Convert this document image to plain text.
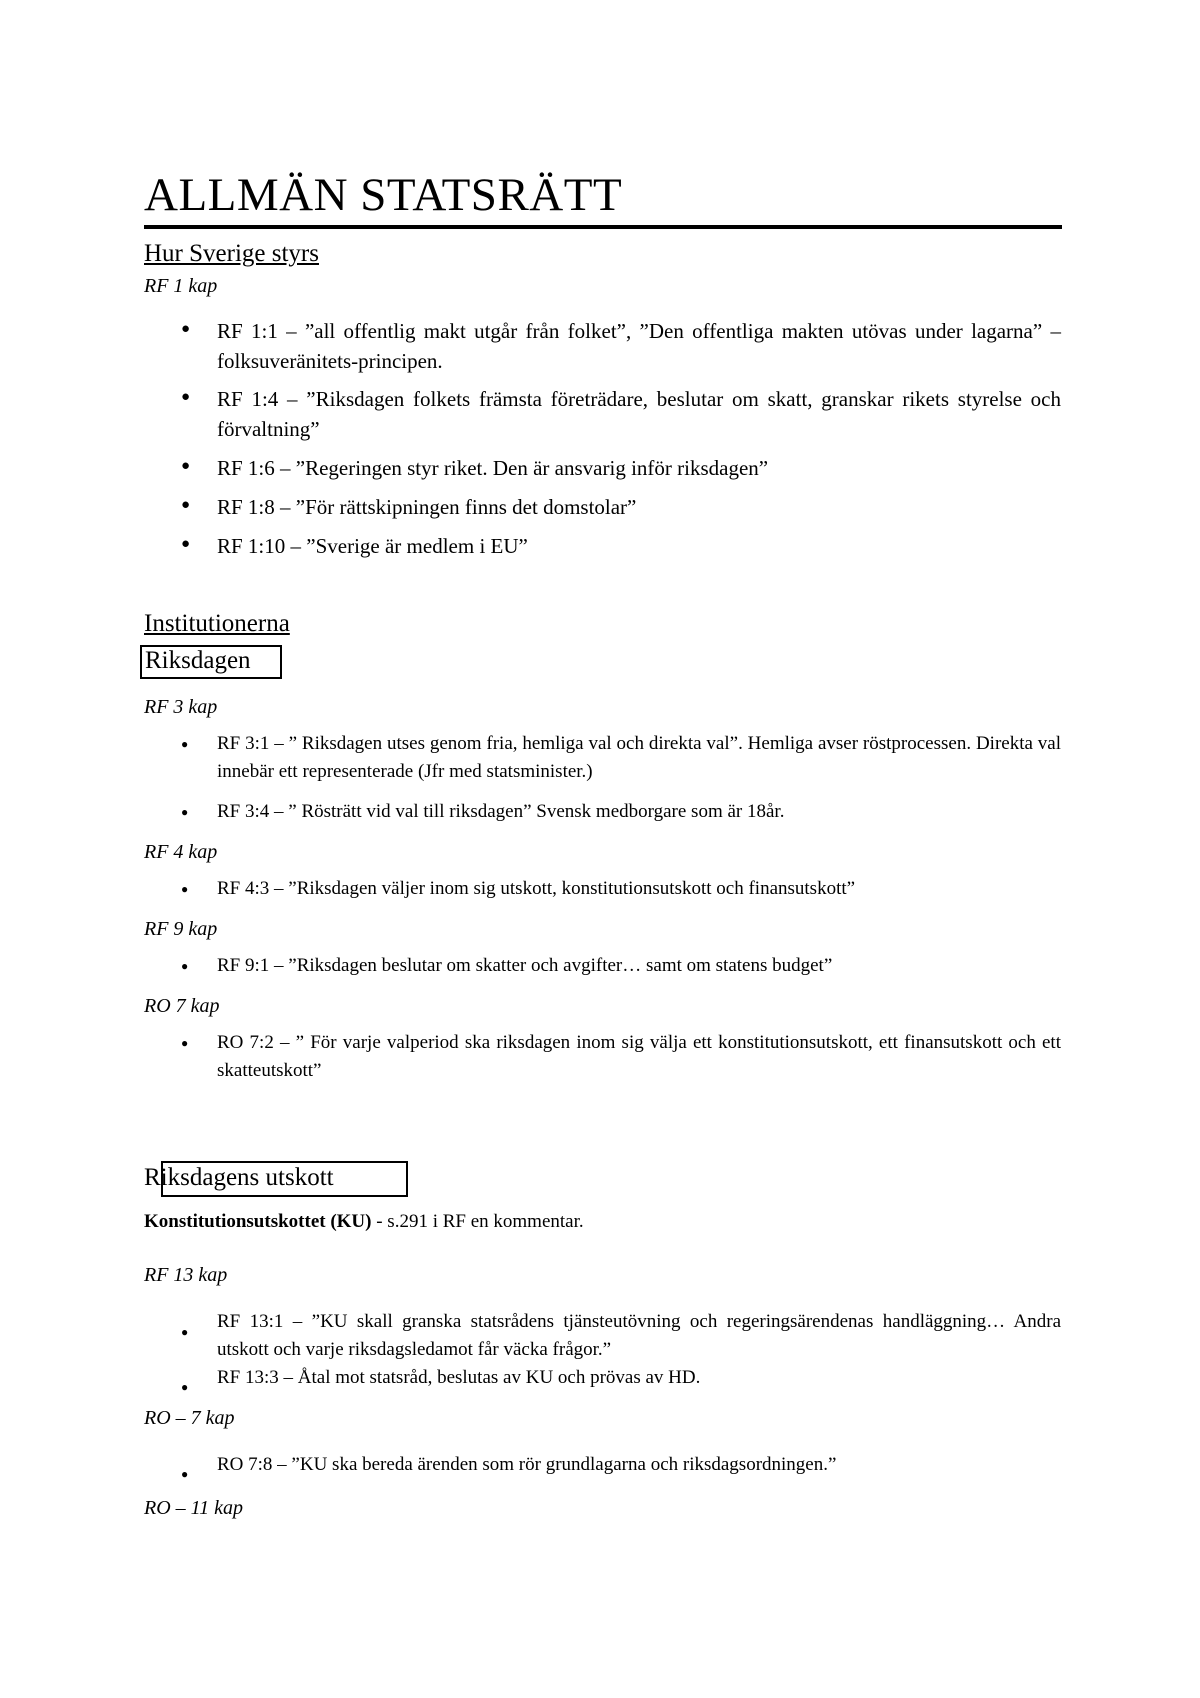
ALLMÄN STATSRÄTT
Hur Sverige styrs
RF 1 kap
● RF 1:1 – ”all offentlig makt utgår från folket”, ”Den offentliga makten utövas under lagarna” – folksuveränitets-principen.
● RF 1:4 – ”Riksdagen folkets främsta företrädare, beslutar om skatt, granskar rikets styrelse och förvaltning”
● RF 1:6 – ”Regeringen styr riket. Den är ansvarig inför riksdagen”
● RF 1:8 – ”För rättskipningen finns det domstolar”
● RF 1:10 – ”Sverige är medlem i EU”
Institutionerna
Riksdagen
RF 3 kap
● RF 3:1 – ” Riksdagen utses genom fria, hemliga val och direkta val”. Hemliga avser röstprocessen. Direkta val innebär ett representerade (Jfr med statsminister.)
● RF 3:4 – ” Rösträtt vid val till riksdagen” Svensk medborgare som är 18år.
RF 4 kap
● RF 4:3 – ”Riksdagen väljer inom sig utskott, konstitutionsutskott och finansutskott”
RF 9 kap
● RF 9:1 – ”Riksdagen beslutar om skatter och avgifter… samt om statens budget”
RO 7 kap
● RO 7:2 – ” För varje valperiod ska riksdagen inom sig välja ett konstitutionsutskott, ett finansutskott och ett skatteutskott”
Riksdagens utskott
Konstitutionsutskottet (KU) - s.291 i RF en kommentar.
RF 13 kap
● RF 13:1 – ”KU skall granska statsrådens tjänsteutövning och regeringsärendenas handläggning… Andra utskott och varje riksdagsledamot får väcka frågor.”
● RF 13:3 – Åtal mot statsråd, beslutas av KU och prövas av HD.
RO – 7 kap
● RO 7:8 – ”KU ska bereda ärenden som rör grundlagarna och riksdagsordningen.”
RO – 11 kap
